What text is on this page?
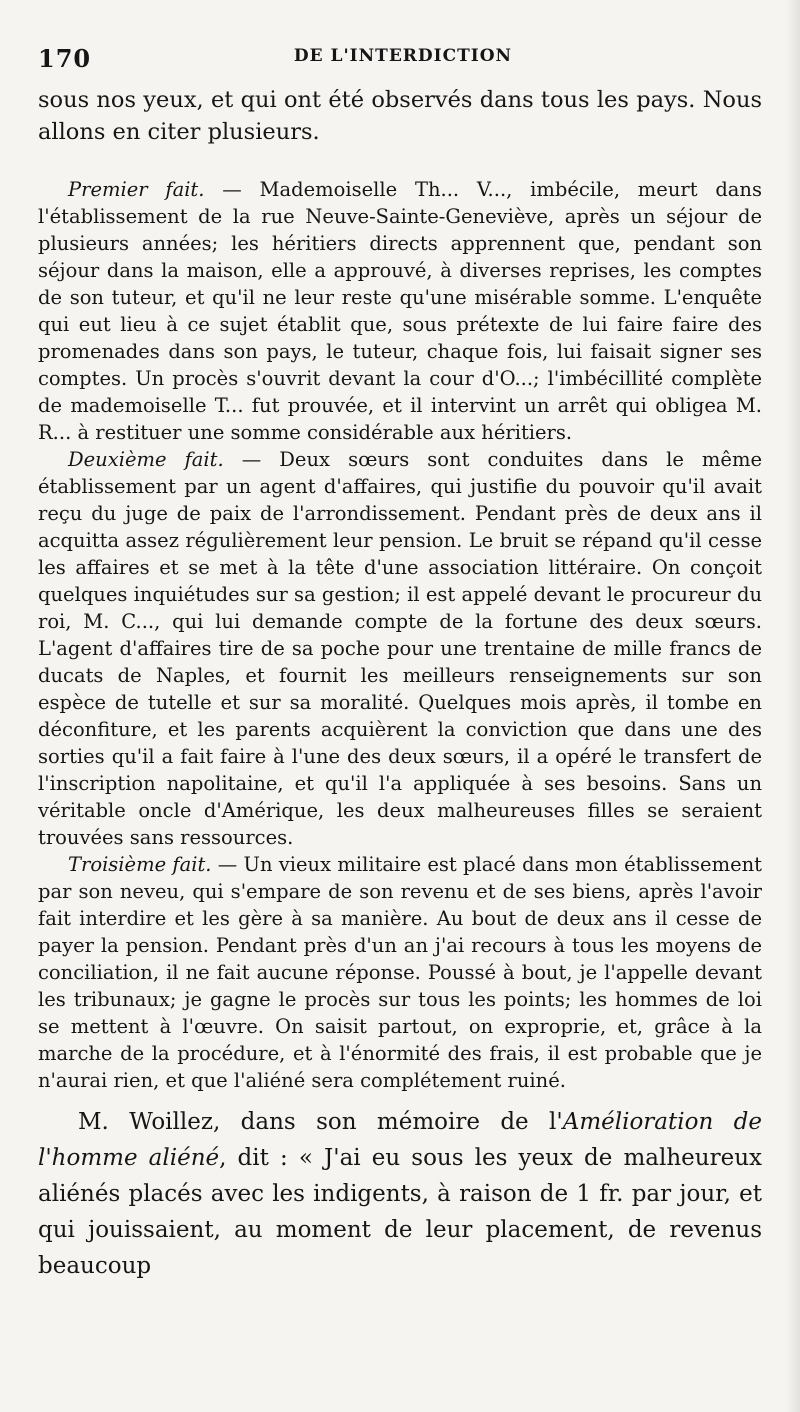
170	DE L'INTERDICTION

sous nos yeux, et qui ont été observés dans tous les pays. Nous allons en citer plusieurs.

Premier fait. — Mademoiselle Th... V..., imbécile, meurt dans l'établissement de la rue Neuve-Sainte-Geneviève, après un séjour de plusieurs années; les héritiers directs apprennent que, pendant son séjour dans la maison, elle a approuvé, à diverses reprises, les comptes de son tuteur, et qu'il ne leur reste qu'une misérable somme. L'enquête qui eut lieu à ce sujet établit que, sous prétexte de lui faire faire des promenades dans son pays, le tuteur, chaque fois, lui faisait signer ses comptes. Un procès s'ouvrit devant la cour d'O...; l'imbécillité complète de mademoiselle T... fut prouvée, et il intervint un arrêt qui obligea M. R... à restituer une somme considérable aux héritiers.

Deuxième fait. — Deux sœurs sont conduites dans le même établissement par un agent d'affaires, qui justifie du pouvoir qu'il avait reçu du juge de paix de l'arrondissement. Pendant près de deux ans il acquitta assez régulièrement leur pension. Le bruit se répand qu'il cesse les affaires et se met à la tête d'une association littéraire. On conçoit quelques inquiétudes sur sa gestion; il est appelé devant le procureur du roi, M. C..., qui lui demande compte de la fortune des deux sœurs. L'agent d'affaires tire de sa poche pour une trentaine de mille francs de ducats de Naples, et fournit les meilleurs renseignements sur son espèce de tutelle et sur sa moralité. Quelques mois après, il tombe en déconfiture, et les parents acquièrent la conviction que dans une des sorties qu'il a fait faire à l'une des deux sœurs, il a opéré le transfert de l'inscription napolitaine, et qu'il l'a appliquée à ses besoins. Sans un véritable oncle d'Amérique, les deux malheureuses filles se seraient trouvées sans ressources.

Troisième fait. — Un vieux militaire est placé dans mon établissement par son neveu, qui s'empare de son revenu et de ses biens, après l'avoir fait interdire et les gère à sa manière. Au bout de deux ans il cesse de payer la pension. Pendant près d'un an j'ai recours à tous les moyens de conciliation, il ne fait aucune réponse. Poussé à bout, je l'appelle devant les tribunaux; je gagne le procès sur tous les points; les hommes de loi se mettent à l'œuvre. On saisit partout, on exproprie, et, grâce à la marche de la procédure, et à l'énormité des frais, il est probable que je n'aurai rien, et que l'aliéné sera complétement ruiné.

M. Woillez, dans son mémoire de l'Amélioration de l'homme aliéné, dit : « J'ai eu sous les yeux de malheureux aliénés placés avec les indigents, à raison de 1 fr. par jour, et qui jouissaient, au moment de leur placement, de revenus beaucoup
